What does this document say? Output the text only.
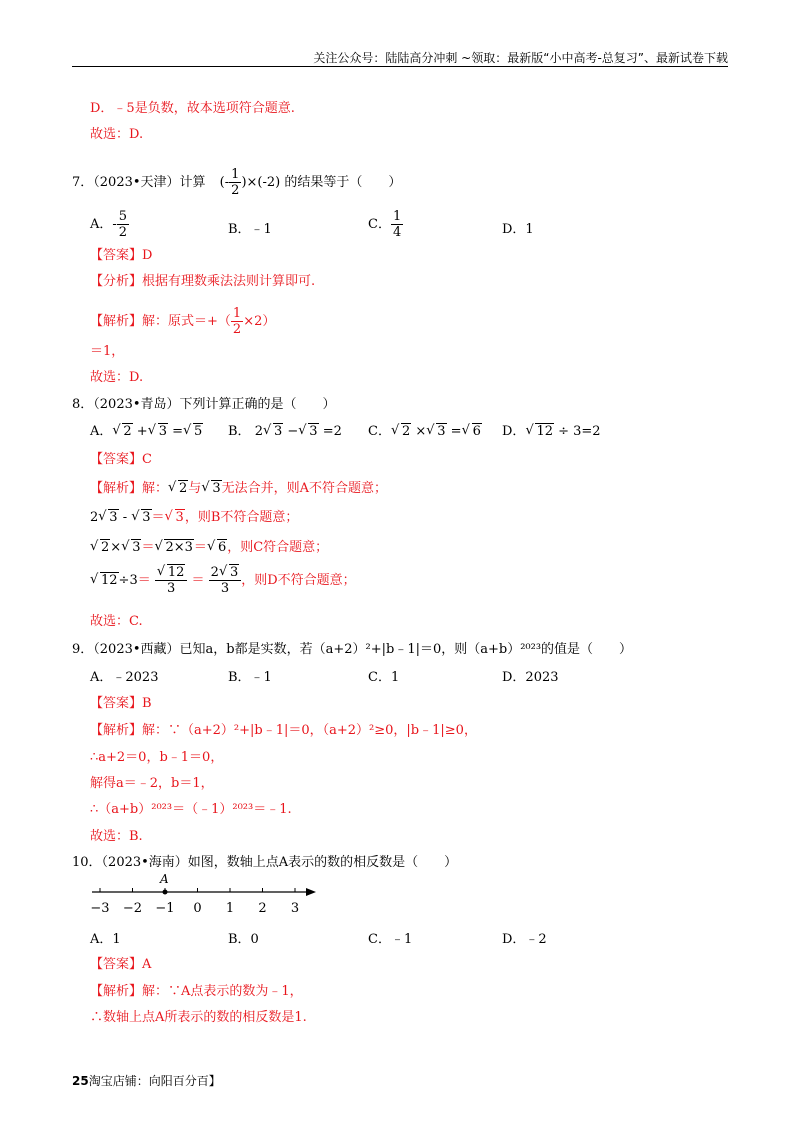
关注公众号：陆陆高分冲刺 ~领取：最新版“小中高考-总复习”、最新试卷下载
D．﹣5是负数，故本选项符合题意.
故选：D.
7．（2023•天津）计算 (- $\frac{1}{2} )\times(-2)$ 的结果等于（　　）
A．- $\frac{5}{2}$	B．﹣1	C． $\frac{1}{4}$	D．1
【答案】D
【分析】根据有理数乘法法则计算即可.
【解析】解：原式＝+（ $\frac{1}{2} \times 2$）
＝1，
故选：D.
8．（2023•青岛）下列计算正确的是（　　）
A． √ 2 + √ 3 = √ 5 B． 2 √ 3 − √ 3 =2 C． √ 2 × √ 3 = √ 6 D． √ 12 ÷ 3=2
【答案】C
【解析】解： √ 2与 √ 3无法合并，则A不符合题意；
2 √ 3 - √ 3＝ √ 3，则B不符合题意；
√ 2× √ 3＝ √ 2×3＝ √ 6，则C符合题意；
√ 12÷3＝ √ $\frac{12}{3} = \frac{2 √ 3}{3}$ ，则D不符合题意；
故选：C.
9．（2023•西藏）已知a，b都是实数，若（a+2）²+|b﹣1|＝0，则（a+b）²⁰²³的值是（　　）
A．﹣2023	B．﹣1	C．1	D．2023
【答案】B
【解析】解：∵（a+2）²+|b﹣1|＝0，（a+2）²≥0，|b﹣1|≥0，
∴a+2＝0，b﹣1＝0，
解得a＝﹣2，b＝1，
∴（a+b）²⁰²³＝（﹣1）²⁰²³＝﹣1.
故选：B.
10．（2023•海南）如图，数轴上点A表示的数的相反数是（　　）
−3 −2 −1 0 1 2 3
A
A．1	B．0	C．﹣1	D．﹣2
【答案】A
【解析】解：∵A点表示的数为﹣1，
∴数轴上点A所表示的数的相反数是1.
25淘宝店铺：向阳百分百】
